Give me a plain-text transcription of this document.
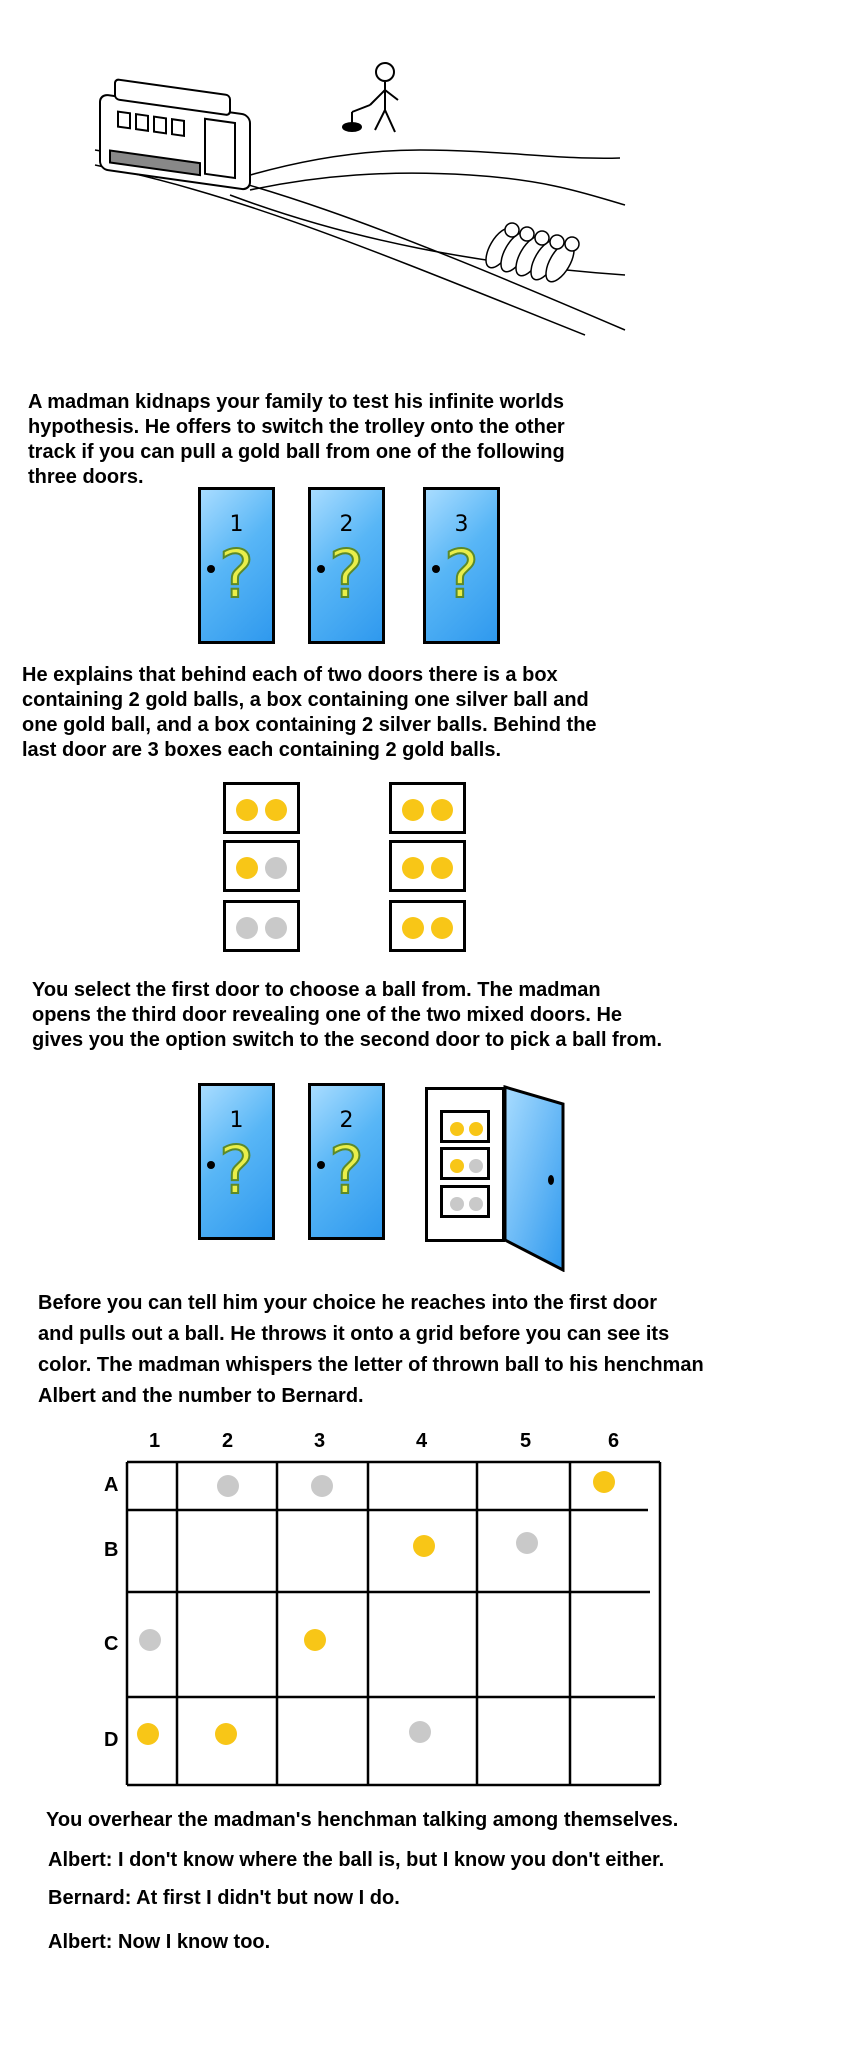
A madman kidnaps your family to test his infinite worlds
hypothesis. He offers to switch the trolley onto the other
track if you can pull a gold ball from one of the following
three doors.
1
?
2
?
3
?
He explains that behind each of two doors there is a box
containing 2 gold balls, a box containing one silver ball and
one gold ball, and a box containing 2 silver balls. Behind the
last door are 3 boxes each containing 2 gold balls.
You select the first door to choose a ball from. The madman
opens the third door revealing one of the two mixed doors. He
gives you the option switch to the second door to pick a ball from.
1
?
2
?
Before you can tell him your choice he reaches into the first door
and pulls out a ball. He throws it onto a grid before you can see its
color. The madman whispers the letter of thrown ball to his henchman
Albert and the number to Bernard.
1	2	3	4	5	6
A
B
C
D
You overhear the madman's henchman talking among themselves.
Albert: I don't know where the ball is, but I know you don't either.
Bernard: At first I didn't but now I do.
Albert: Now I know too.
